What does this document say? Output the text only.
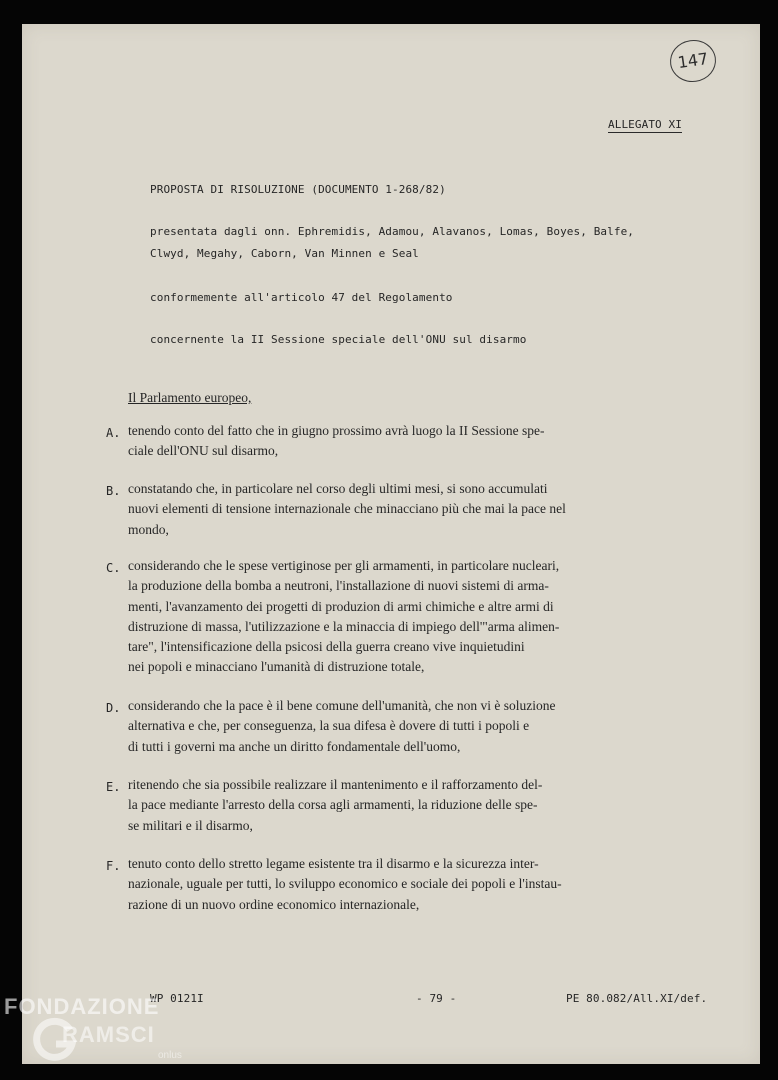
147
ALLEGATO XI
PROPOSTA DI RISOLUZIONE (DOCUMENTO 1-268/82)
presentata dagli onn. Ephremidis, Adamou, Alavanos, Lomas, Boyes, Balfe,
Clwyd, Megahy, Caborn, Van Minnen e Seal
conformemente all'articolo 47 del Regolamento
concernente la II Sessione speciale dell'ONU sul disarmo
Il Parlamento europeo,
A. tenendo conto del fatto che in giugno prossimo avrà luogo la II Sessione spe-
ciale dell'ONU sul disarmo,
B. constatando che, in particolare nel corso degli ultimi mesi, si sono accumulati
nuovi elementi di tensione internazionale che minacciano più che mai la pace nel
mondo,
C. considerando che le spese vertiginose per gli armamenti, in particolare nucleari,
la produzione della bomba a neutroni, l'installazione di nuovi sistemi di arma-
menti, l'avanzamento dei progetti di produzion di armi chimiche e altre armi di
distruzione di massa, l'utilizzazione e la minaccia di impiego dell'"arma alimen-
tare", l'intensificazione della psicosi della guerra creano vive inquietudini
nei popoli e minacciano l'umanità di distruzione totale,
D. considerando che la pace è il bene comune dell'umanità, che non vi è soluzione
alternativa e che, per conseguenza, la sua difesa è dovere di tutti i popoli e
di tutti i governi ma anche un diritto fondamentale dell'uomo,
E. ritenendo che sia possibile realizzare il mantenimento e il rafforzamento del-
la pace mediante l'arresto della corsa agli armamenti, la riduzione delle spe-
se militari e il disarmo,
F. tenuto conto dello stretto legame esistente tra il disarmo e la sicurezza inter-
nazionale, uguale per tutti, lo sviluppo economico e sociale dei popoli e l'instau-
razione di un nuovo ordine economico internazionale,
WP 0121I	- 79 -	PE 80.082/All.XI/def.
FONDAZIONE
RAMSCI
onlus
